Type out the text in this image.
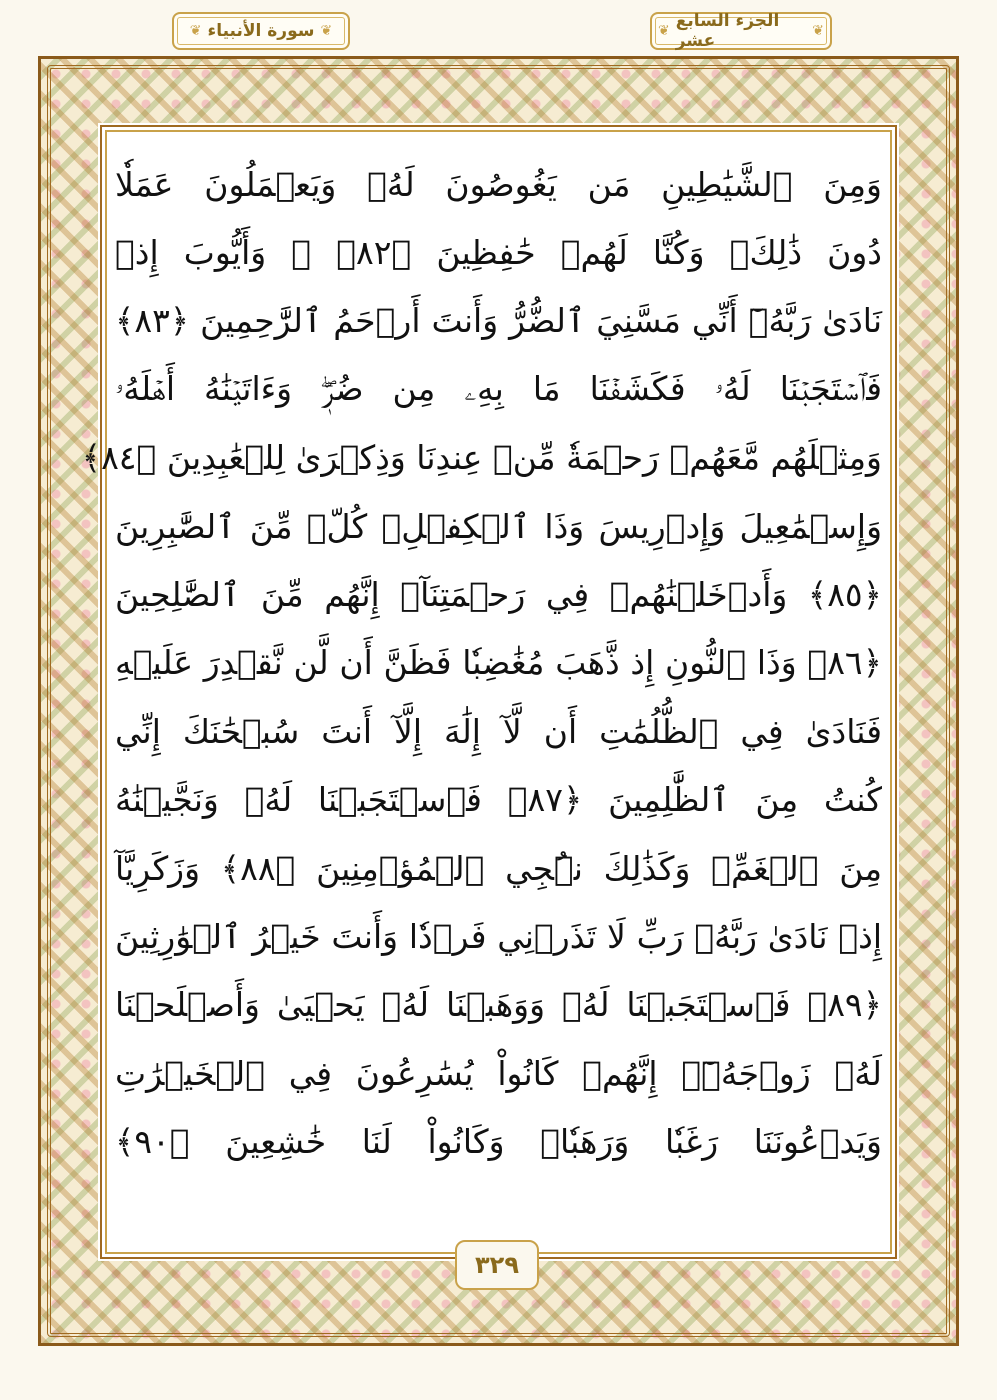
❦ سورة الأنبياء ❦	❦ الجزء السابع عشر	❦
وَمِنَ ٱلشَّيَٰطِينِ مَن يَغُوصُونَ لَهُۥ وَيَعۡمَلُونَ عَمَلٗا
دُونَ ذَٰلِكَۖ وَكُنَّا لَهُمۡ حَٰفِظِينَ ﴿٨٢﴾ ۞ وَأَيُّوبَ إِذۡ
نَادَىٰ رَبَّهُۥٓ أَنِّي مَسَّنِيَ ٱلضُّرُّ وَأَنتَ أَرۡحَمُ ٱلرَّٰحِمِينَ ﴿٨٣﴾
فَٱسۡتَجَبۡنَا لَهُۥ فَكَشَفۡنَا مَا بِهِۦ مِن ضُرّٖۖ وَءَاتَيۡنَٰهُ أَهۡلَهُۥ
وَمِثۡلَهُم مَّعَهُمۡ رَحۡمَةٗ مِّنۡ عِندِنَا وَذِكۡرَىٰ لِلۡعَٰبِدِينَ ﴿٨٤﴾
وَإِسۡمَٰعِيلَ وَإِدۡرِيسَ وَذَا ٱلۡكِفۡلِۖ كُلّٞ مِّنَ ٱلصَّٰبِرِينَ
﴿٨٥﴾ وَأَدۡخَلۡنَٰهُمۡ فِي رَحۡمَتِنَآۖ إِنَّهُم مِّنَ ٱلصَّٰلِحِينَ
﴿٨٦﴾ وَذَا ٱلنُّونِ إِذ ذَّهَبَ مُغَٰضِبٗا فَظَنَّ أَن لَّن نَّقۡدِرَ عَلَيۡهِ
فَنَادَىٰ فِي ٱلظُّلُمَٰتِ أَن لَّآ إِلَٰهَ إِلَّآ أَنتَ سُبۡحَٰنَكَ إِنِّي
كُنتُ مِنَ ٱلظَّٰلِمِينَ ﴿٨٧﴾ فَٱسۡتَجَبۡنَا لَهُۥ وَنَجَّيۡنَٰهُ
مِنَ ٱلۡغَمِّۚ وَكَذَٰلِكَ نُۨجِي ٱلۡمُؤۡمِنِينَ ﴿٨٨﴾ وَزَكَرِيَّآ
إِذۡ نَادَىٰ رَبَّهُۥ رَبِّ لَا تَذَرۡنِي فَرۡدٗا وَأَنتَ خَيۡرُ ٱلۡوَٰرِثِينَ
﴿٨٩﴾ فَٱسۡتَجَبۡنَا لَهُۥ وَوَهَبۡنَا لَهُۥ يَحۡيَىٰ وَأَصۡلَحۡنَا
لَهُۥ زَوۡجَهُۥٓۚ إِنَّهُمۡ كَانُواْ يُسَٰرِعُونَ فِي ٱلۡخَيۡرَٰتِ
وَيَدۡعُونَنَا رَغَبٗا وَرَهَبٗاۖ وَكَانُواْ لَنَا خَٰشِعِينَ ﴿٩٠﴾
٣٢٩
